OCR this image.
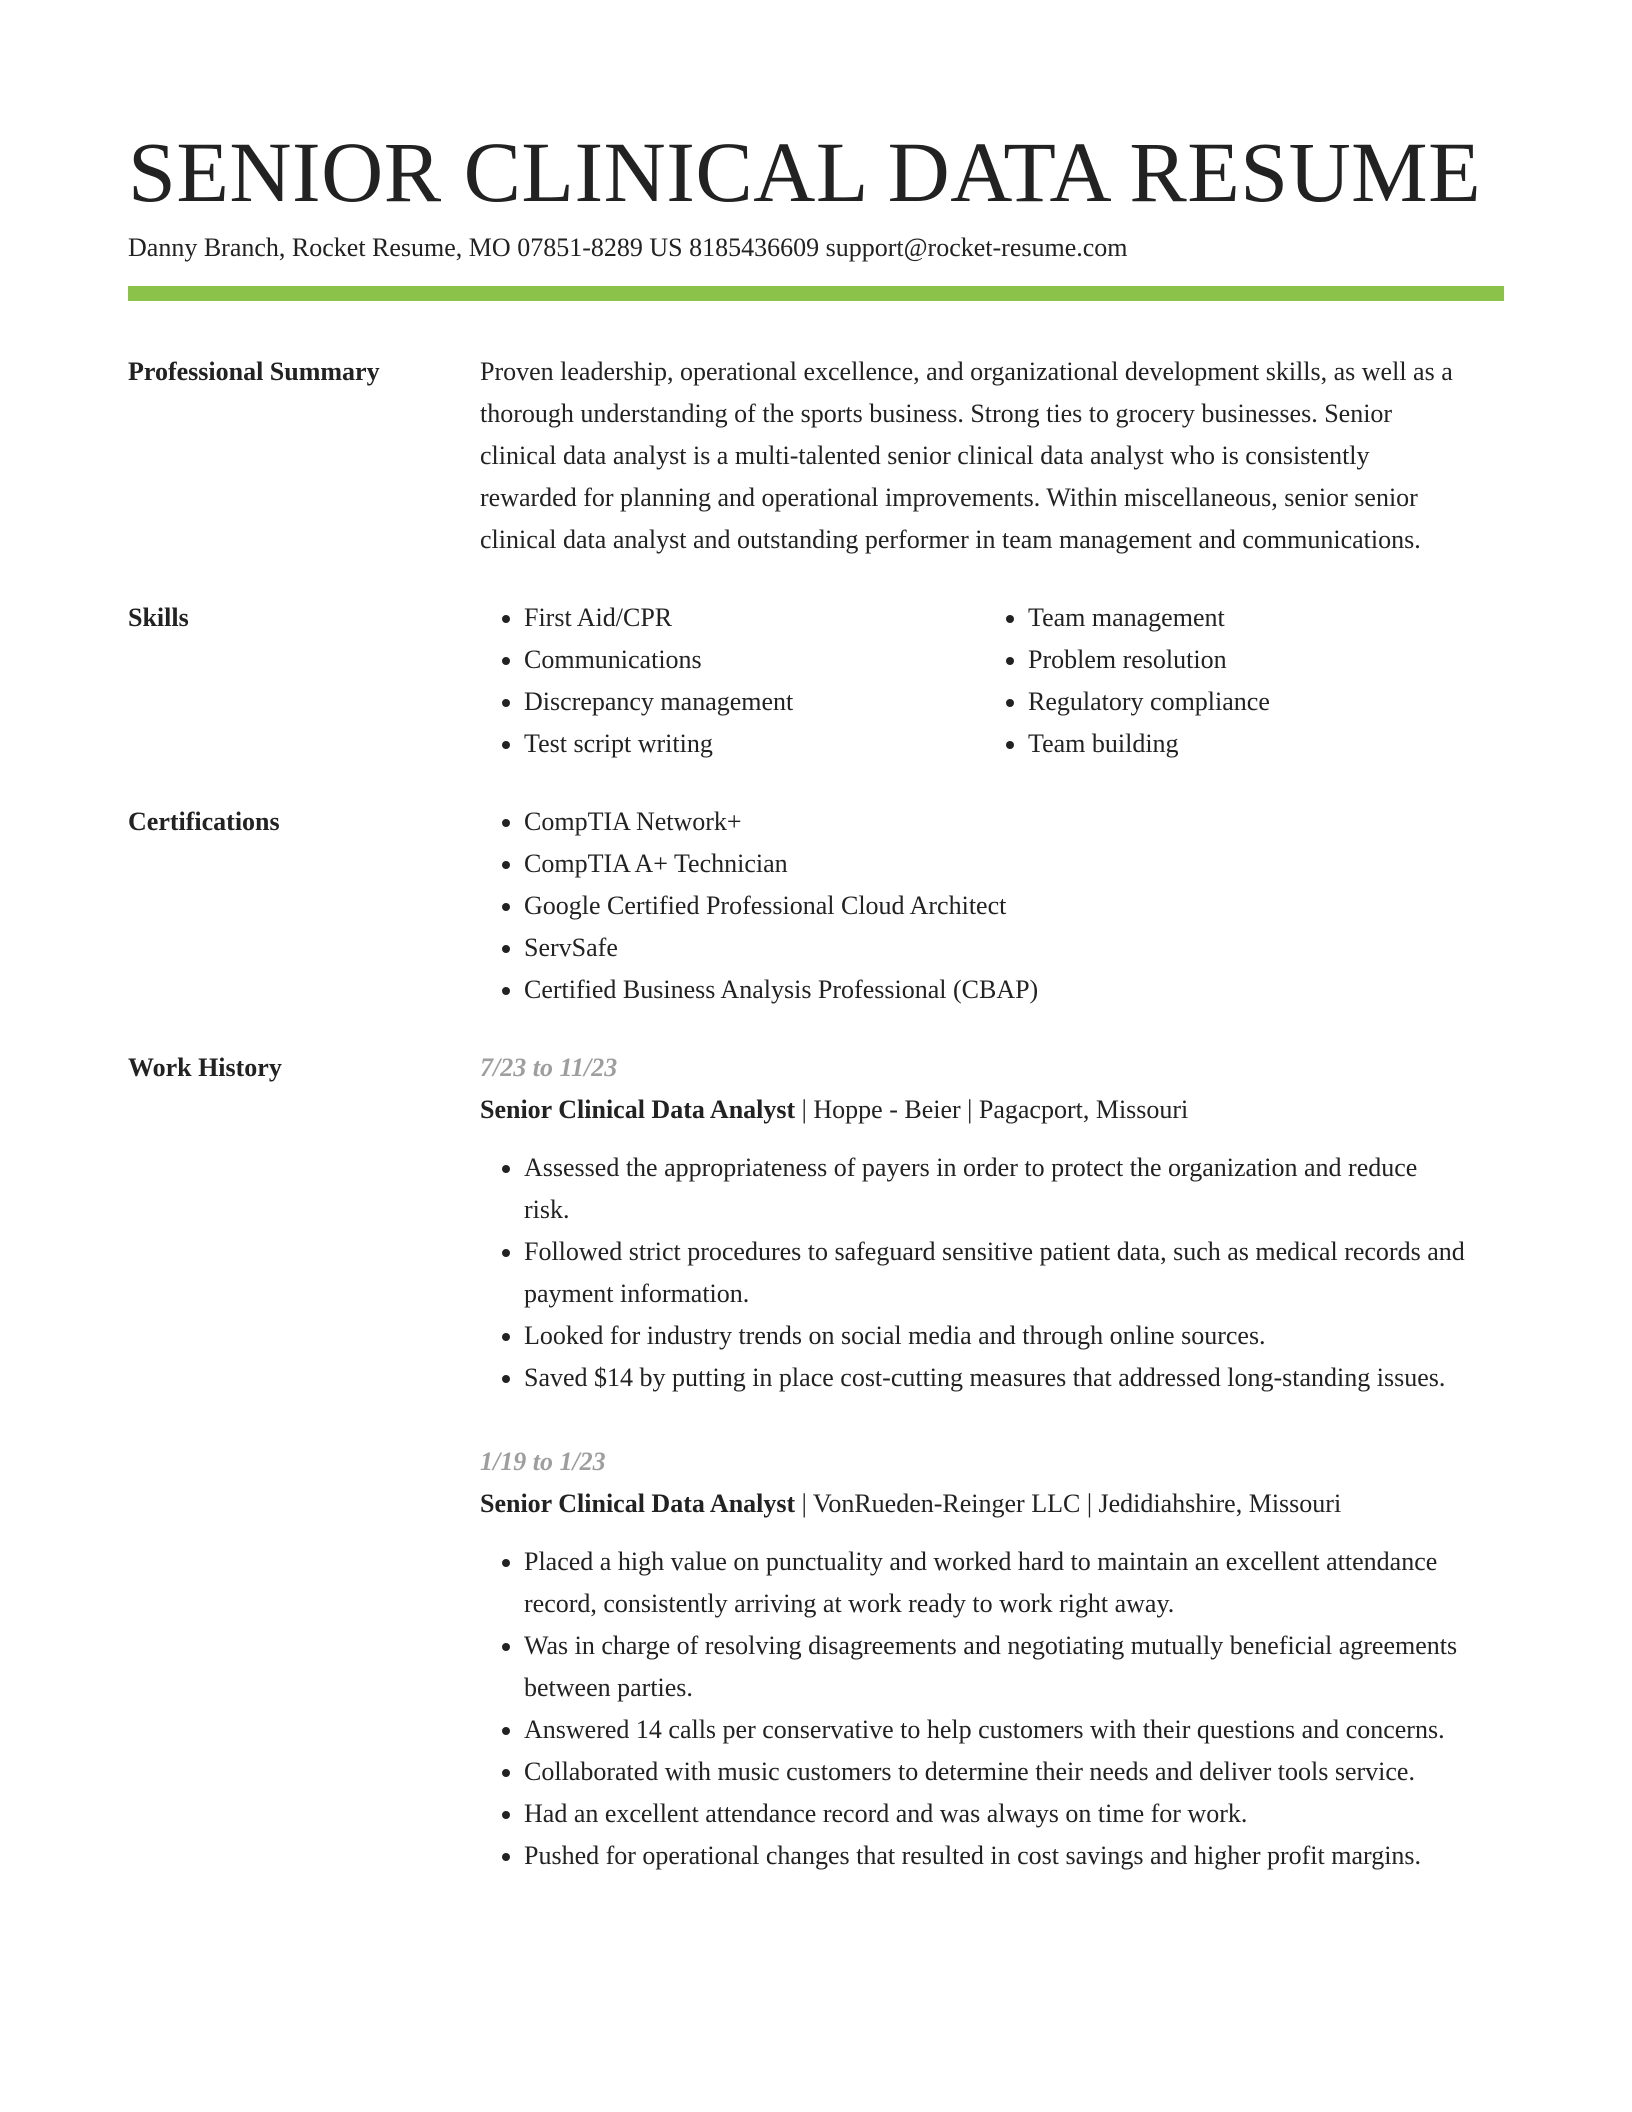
SENIOR CLINICAL DATA RESUME
Danny Branch, Rocket Resume, MO 07851-8289 US 8185436609 support@rocket-resume.com
Professional Summary	Proven leadership, operational excellence, and organizational development skills, as well as a thorough understanding of the sports business. Strong ties to grocery businesses. Senior clinical data analyst is a multi-talented senior clinical data analyst who is consistently rewarded for planning and operational improvements. Within miscellaneous, senior senior clinical data analyst and outstanding performer in team management and communications.

Skills	• First Aid/CPR
• Communications
• Discrepancy management
• Test script writing
• Team management
• Problem resolution
• Regulatory compliance
• Team building
Certifications	• CompTIA Network+
• CompTIA A+ Technician
• Google Certified Professional Cloud Architect
• ServSafe
• Certified Business Analysis Professional (CBAP)
Work History	7/23 to 11/23
Senior Clinical Data Analyst | Hoppe - Beier | Pagacport, Missouri
• Assessed the appropriateness of payers in order to protect the organization and reduce risk.
• Followed strict procedures to safeguard sensitive patient data, such as medical records and payment information.
• Looked for industry trends on social media and through online sources.
• Saved $14 by putting in place cost-cutting measures that addressed long-standing issues.
1/19 to 1/23
Senior Clinical Data Analyst | VonRueden-Reinger LLC | Jedidiahshire, Missouri
• Placed a high value on punctuality and worked hard to maintain an excellent attendance record, consistently arriving at work ready to work right away.
• Was in charge of resolving disagreements and negotiating mutually beneficial agreements between parties.
• Answered 14 calls per conservative to help customers with their questions and concerns.
• Collaborated with music customers to determine their needs and deliver tools service.
• Had an excellent attendance record and was always on time for work.
• Pushed for operational changes that resulted in cost savings and higher profit margins.
